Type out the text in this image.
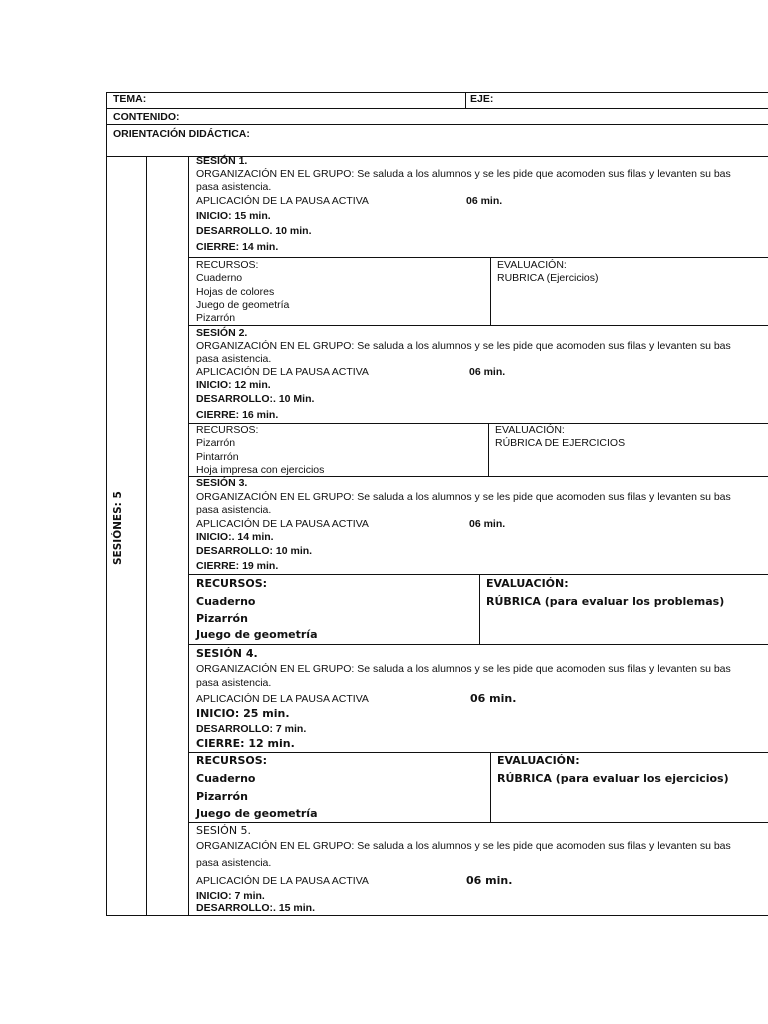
TEMA:	EJE:
CONTENIDO:
ORIENTACIÓN DIDÁCTICA:
SESIÓNES: 5
SESIÓN 1.
ORGANIZACIÓN EN EL GRUPO: Se saluda a los alumnos y se les pide que acomoden sus filas y levanten su bas
pasa asistencia.
APLICACIÓN DE LA PAUSA ACTIVA	06 min.
INICIO: 15 min.
DESARROLLO. 10 min.
CIERRE: 14 min.
RECURSOS:
Cuaderno
Hojas de colores
Juego de geometría
Pizarrón
EVALUACIÓN:
RUBRICA (Ejercicios)
SESIÓN 2.
ORGANIZACIÓN EN EL GRUPO: Se saluda a los alumnos y se les pide que acomoden sus filas y levanten su bas
pasa asistencia.
APLICACIÓN DE LA PAUSA ACTIVA	06 min.
INICIO: 12 min.
DESARROLLO:. 10 Min.
CIERRE: 16 min.
RECURSOS:
Pizarrón
Pintarrón
Hoja impresa con ejercicios
EVALUACIÓN:
RÚBRICA DE EJERCICIOS
SESIÓN 3.
ORGANIZACIÓN EN EL GRUPO: Se saluda a los alumnos y se les pide que acomoden sus filas y levanten su bas
pasa asistencia.
APLICACIÓN DE LA PAUSA ACTIVA	06 min.
INICIO:. 14 min.
DESARROLLO: 10 min.
CIERRE: 19 min.
RECURSOS:
Cuaderno
Pizarrón
Juego de geometría
EVALUACIÓN:
RÚBRICA (para evaluar los problemas)
SESIÓN 4.
ORGANIZACIÓN EN EL GRUPO: Se saluda a los alumnos y se les pide que acomoden sus filas y levanten su bas
pasa asistencia.
APLICACIÓN DE LA PAUSA ACTIVA	06 min.
INICIO: 25 min.
DESARROLLO: 7 min.
CIERRE: 12 min.
RECURSOS:
Cuaderno
Pizarrón
Juego de geometría
EVALUACIÓN:
RÚBRICA (para evaluar los ejercicios)
SESIÓN 5.
ORGANIZACIÓN EN EL GRUPO: Se saluda a los alumnos y se les pide que acomoden sus filas y levanten su bas
pasa asistencia.
APLICACIÓN DE LA PAUSA ACTIVA	06 min.
INICIO: 7 min.
DESARROLLO:. 15 min.
